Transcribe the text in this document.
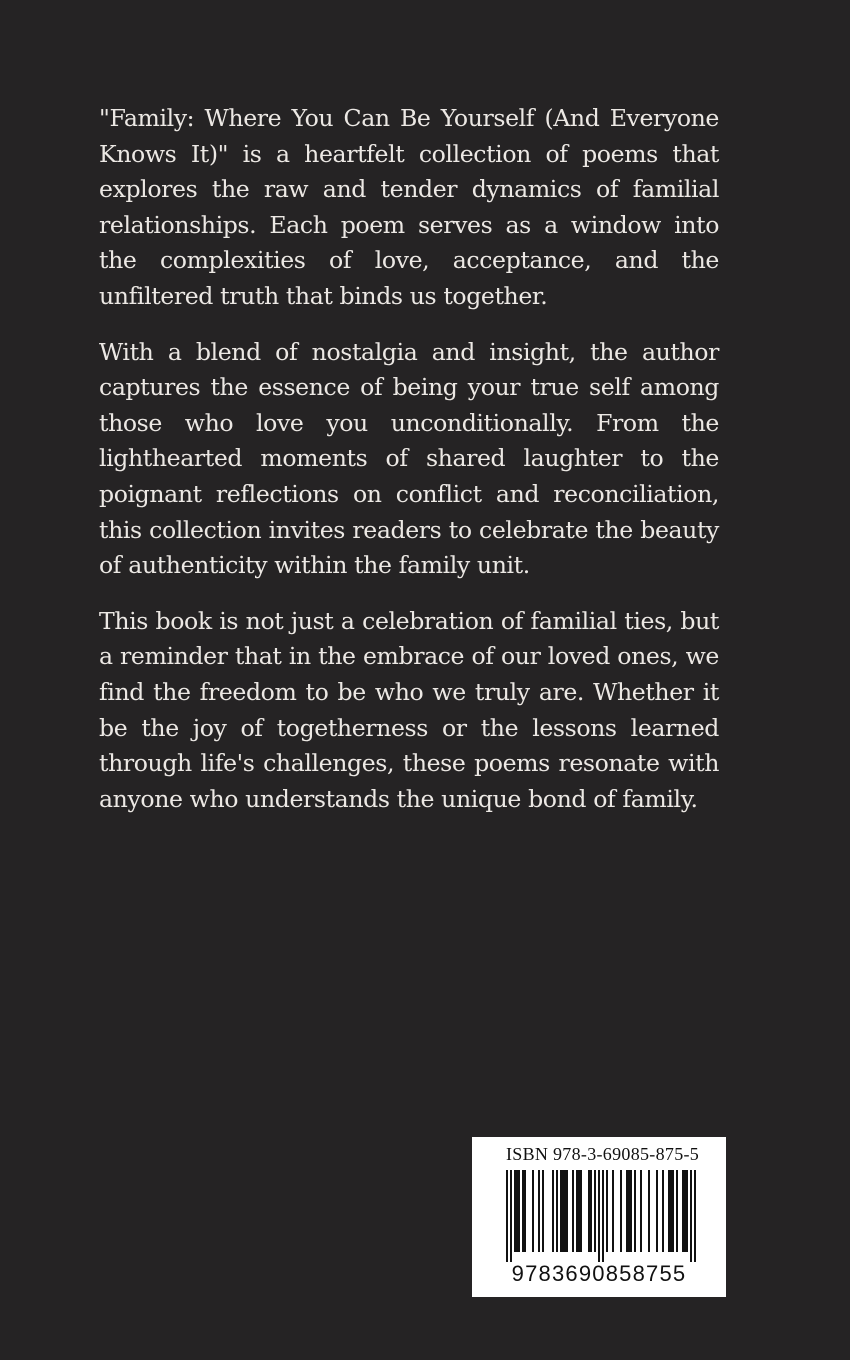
"Family: Where You Can Be Yourself (And Everyone Knows It)" is a heartfelt collection of poems that explores the raw and tender dynamics of familial relationships. Each poem serves as a window into the complexities of love, acceptance, and the unfiltered truth that binds us together.

With a blend of nostalgia and insight, the author captures the essence of being your true self among those who love you unconditionally. From the lighthearted moments of shared laughter to the poignant reflections on conflict and reconciliation, this collection invites readers to celebrate the beauty of authenticity within the family unit.

This book is not just a celebration of familial ties, but a reminder that in the embrace of our loved ones, we find the freedom to be who we truly are. Whether it be the joy of togetherness or the lessons learned through life's challenges, these poems resonate with anyone who understands the unique bond of family.

ISBN 978-3-69085-875-5
9783690858755
